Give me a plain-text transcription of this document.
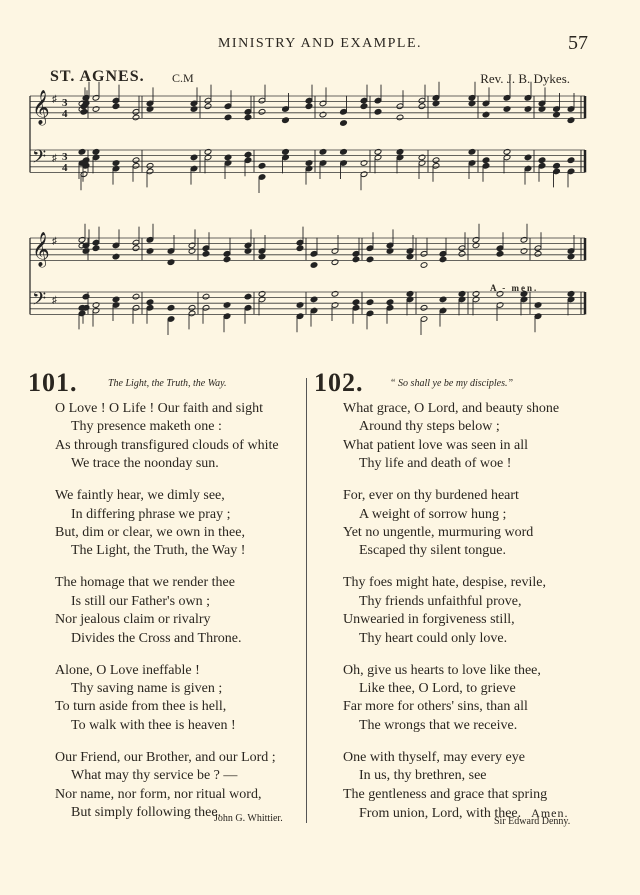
MINISTRY AND EXAMPLE.	57
ST. AGNES. C.M	Rev. J. B. Dykes.
𝄞 ♯ 3
4
𝄢 ♯ 3
4
𝄞 ♯
𝄢 ♯
A - men.
101.	The Light, the Truth, the Way.
O Love ! O Life ! Our faith and sight
Thy presence maketh one :
As through transfigured clouds of white
We trace the noonday sun.
We faintly hear, we dimly see,
In differing phrase we pray ;
But, dim or clear, we own in thee,
The Light, the Truth, the Way !
The homage that we render thee
Is still our Father's own ;
Nor jealous claim or rivalry
Divides the Cross and Throne.
Alone, O Love ineffable !
Thy saving name is given ;
To turn aside from thee is hell,
To walk with thee is heaven !
Our Friend, our Brother, and our Lord ;
What may thy service be ? —
Nor name, nor form, nor ritual word,
But simply following thee.
John G. Whittier.
102.	“ So shall ye be my disciples.”
What grace, O Lord, and beauty shone
Around thy steps below ;
What patient love was seen in all
Thy life and death of woe !
For, ever on thy burdened heart
A weight of sorrow hung ;
Yet no ungentle, murmuring word
Escaped thy silent tongue.
Thy foes might hate, despise, revile,
Thy friends unfaithful prove,
Unwearied in forgiveness still,
Thy heart could only love.
Oh, give us hearts to love like thee,
Like thee, O Lord, to grieve
Far more for others' sins, than all
The wrongs that we receive.
One with thyself, may every eye
In us, thy brethren, see
The gentleness and grace that spring
From union, Lord, with thee. Amen.
Sir Edward Denny.
